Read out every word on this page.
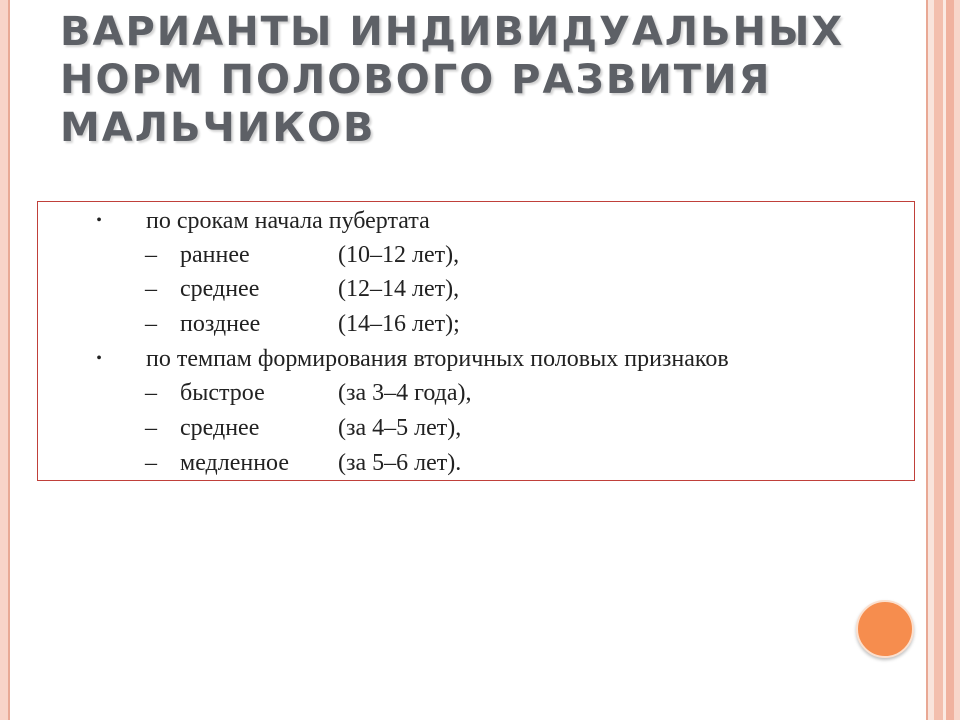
ВАРИАНТЫ ИНДИВИДУАЛЬНЫХ
НОРМ ПОЛОВОГО РАЗВИТИЯ
МАЛЬЧИКОВ
• по срокам начала пубертата
– раннее	(10–12 лет),
– среднее	(12–14 лет),
– позднее	(14–16 лет);
• по темпам формирования вторичных половых признаков
– быстрое	(за 3–4 года),
– среднее	(за 4–5 лет),
– медленное (за 5–6 лет).
